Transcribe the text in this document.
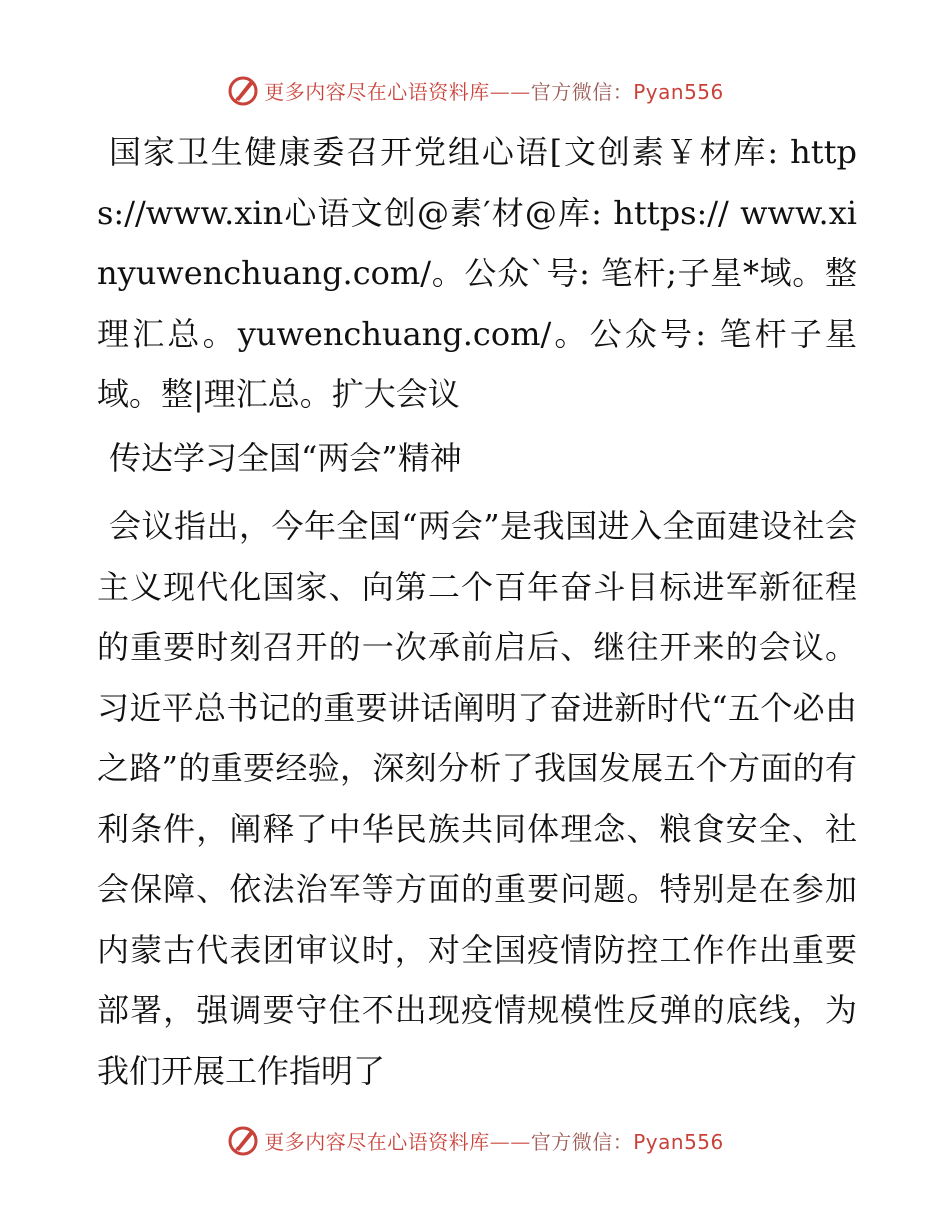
更多内容尽在心语资料库——官方微信：Pyan556

国家卫生健康委召开党组心语[文创素￥材库: https://www.xin心语文创@素′材@库: https:// www.xinyuwenchuang.com/。公众`号: 笔杆;子星*域。整理汇总。yuwenchuang.com/。公众号: 笔杆子星域。整|理汇总。扩大会议

传达学习全国“两会”精神

会议指出，今年全国“两会”是我国进入全面建设社会主义现代化国家、向第二个百年奋斗目标进军新征程的重要时刻召开的一次承前启后、继往开来的会议。习近平总书记的重要讲话阐明了奋进新时代“五个必由之路”的重要经验，深刻分析了我国发展五个方面的有利条件，阐释了中华民族共同体理念、粮食安全、社会保障、依法治军等方面的重要问题。特别是在参加内蒙古代表团审议时，对全国疫情防控工作作出重要部署，强调要守住不出现疫情规模性反弹的底线，为我们开展工作指明了

更多内容尽在心语资料库——官方微信：Pyan556
